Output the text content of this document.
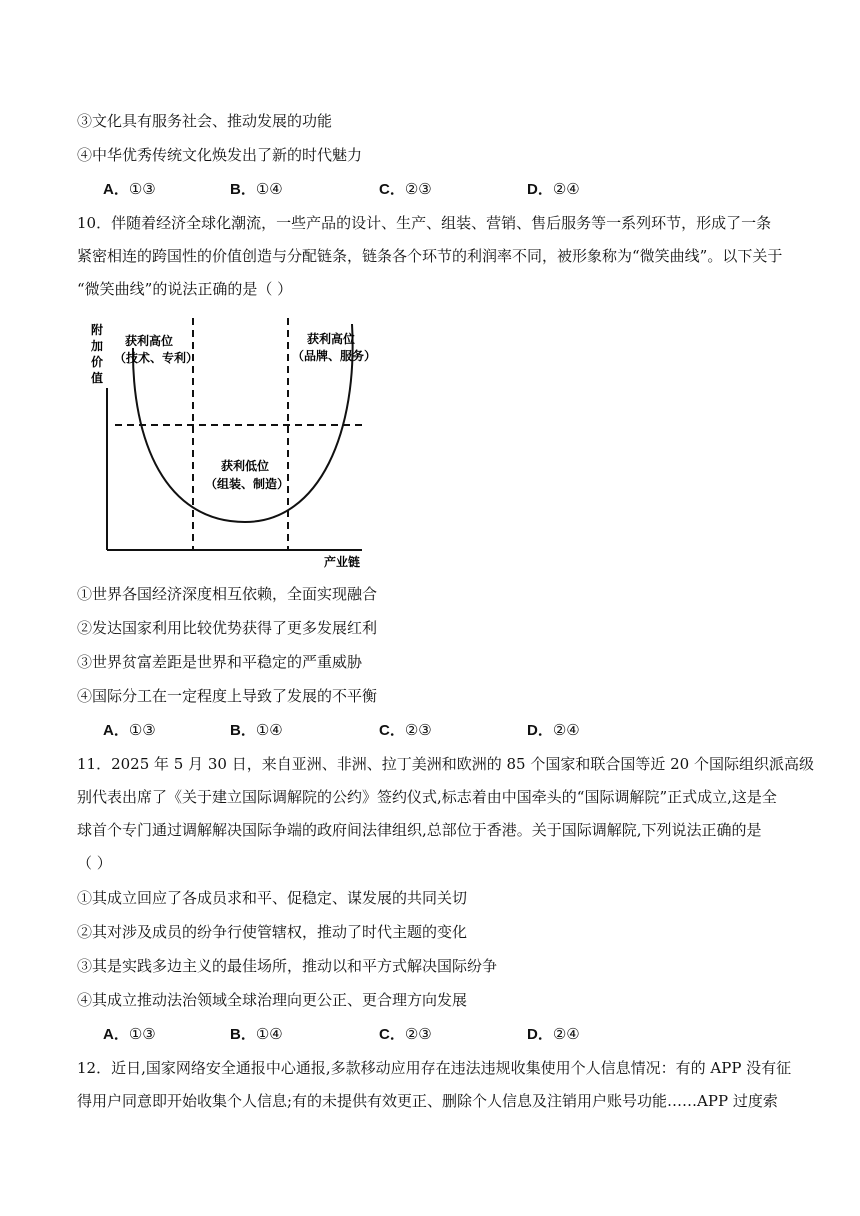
③文化具有服务社会、推动发展的功能
④中华优秀传统文化焕发出了新的时代魅力
A．①③	B．①④	C．②③	D．②④
10．伴随着经济全球化潮流，一些产品的设计、生产、组装、营销、售后服务等一系列环节，形成了一条
紧密相连的跨国性的价值创造与分配链条，链条各个环节的利润率不同，被形象称为“微笑曲线”。以下关于
“微笑曲线”的说法正确的是（ ）
附
加
价
值
产业链
获利高位
（技术、专利）
获利高位
（品牌、服务）
获利低位
（组装、制造）
①世界各国经济深度相互依赖，全面实现融合
②发达国家利用比较优势获得了更多发展红利
③世界贫富差距是世界和平稳定的严重威胁
④国际分工在一定程度上导致了发展的不平衡
A．①③	B．①④	C．②③	D．②④
11．2025 年 5 月 30 日，来自亚洲、非洲、拉丁美洲和欧洲的 85 个国家和联合国等近 20 个国际组织派高级
别代表出席了《关于建立国际调解院的公约》签约仪式,标志着由中国牵头的“国际调解院”正式成立,这是全
球首个专门通过调解解决国际争端的政府间法律组织,总部位于香港。关于国际调解院,下列说法正确的是
（ ）
①其成立回应了各成员求和平、促稳定、谋发展的共同关切
②其对涉及成员的纷争行使管辖权，推动了时代主题的变化
③其是实践多边主义的最佳场所，推动以和平方式解决国际纷争
④其成立推动法治领域全球治理向更公正、更合理方向发展
A．①③	B．①④	C．②③	D．②④
12．近日,国家网络安全通报中心通报,多款移动应用存在违法违规收集使用个人信息情况：有的 APP 没有征
得用户同意即开始收集个人信息;有的未提供有效更正、删除个人信息及注销用户账号功能……APP 过度索
